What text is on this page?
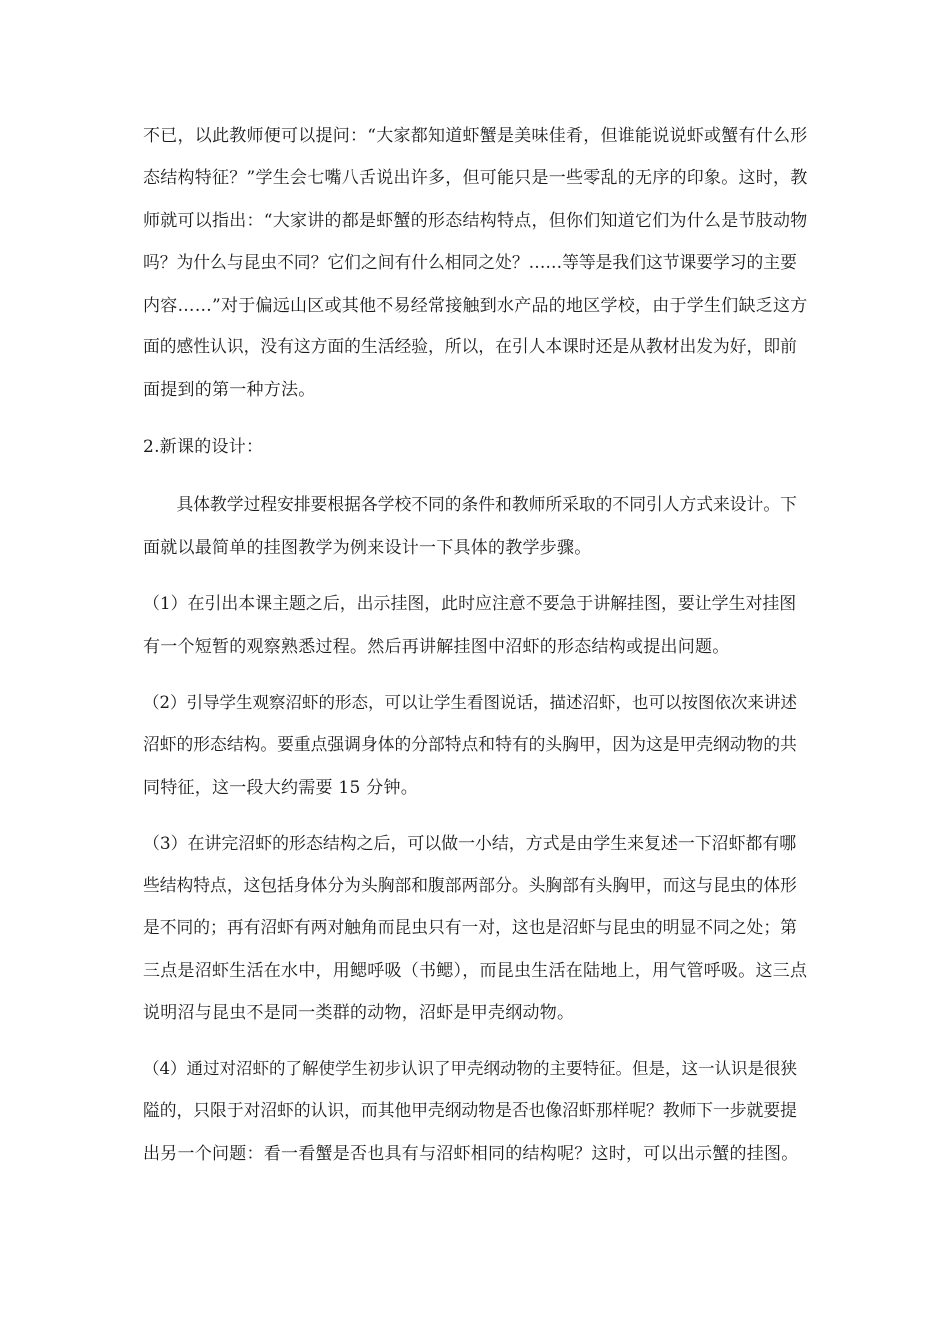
不已，以此教师便可以提问：“大家都知道虾蟹是美味佳肴，但谁能说说虾或蟹有什么形
态结构特征？”学生会七嘴八舌说出许多，但可能只是一些零乱的无序的印象。这时，教
师就可以指出：“大家讲的都是虾蟹的形态结构特点，但你们知道它们为什么是节肢动物
吗？为什么与昆虫不同？它们之间有什么相同之处？……等等是我们这节课要学习的主要
内容……”对于偏远山区或其他不易经常接触到水产品的地区学校，由于学生们缺乏这方
面的感性认识，没有这方面的生活经验，所以，在引人本课时还是从教材出发为好，即前
面提到的第一种方法。
2.新课的设计：
　　具体教学过程安排要根据各学校不同的条件和教师所采取的不同引人方式来设计。下
面就以最简单的挂图教学为例来设计一下具体的教学步骤。
（1）在引出本课主题之后，出示挂图，此时应注意不要急于讲解挂图，要让学生对挂图
有一个短暂的观察熟悉过程。然后再讲解挂图中沼虾的形态结构或提出问题。
（2）引导学生观察沼虾的形态，可以让学生看图说话，描述沼虾，也可以按图依次来讲述
沼虾的形态结构。要重点强调身体的分部特点和特有的头胸甲，因为这是甲壳纲动物的共
同特征，这一段大约需要 15 分钟。
（3）在讲完沼虾的形态结构之后，可以做一小结，方式是由学生来复述一下沼虾都有哪
些结构特点，这包括身体分为头胸部和腹部两部分。头胸部有头胸甲，而这与昆虫的体形
是不同的；再有沼虾有两对触角而昆虫只有一对，这也是沼虾与昆虫的明显不同之处；第
三点是沼虾生活在水中，用鳃呼吸（书鳃），而昆虫生活在陆地上，用气管呼吸。这三点
说明沼与昆虫不是同一类群的动物，沼虾是甲壳纲动物。
（4）通过对沼虾的了解使学生初步认识了甲壳纲动物的主要特征。但是，这一认识是很狭
隘的，只限于对沼虾的认识，而其他甲壳纲动物是否也像沼虾那样呢？教师下一步就要提
出另一个问题：看一看蟹是否也具有与沼虾相同的结构呢？这时，可以出示蟹的挂图。
